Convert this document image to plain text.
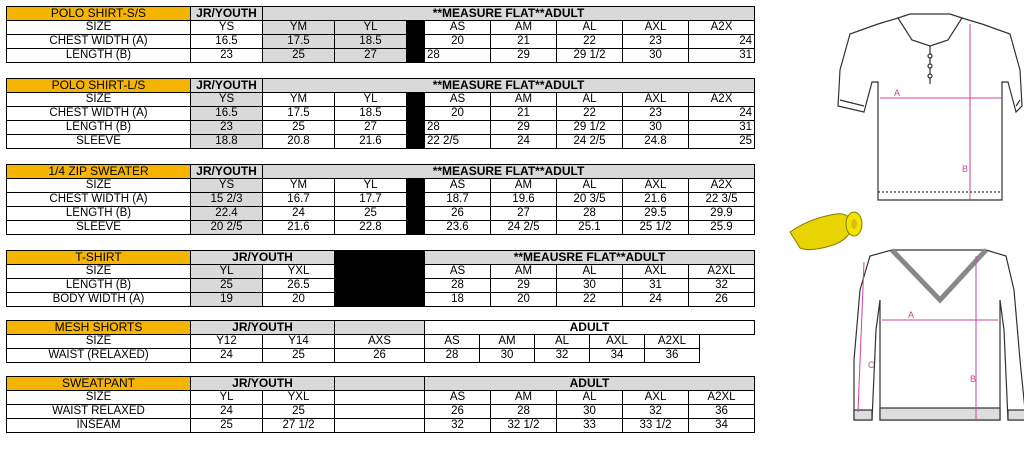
POLO SHIRT-S/S	JR/YOUTH	**MEASURE FLAT**ADULT							
SIZE	YS	YM	YL		AS	AM	AL	AXL	A2X
CHEST WIDTH (A)	16.5	17.5	18.5		20	21	22	23	24
LENGTH (B)	23	25	27		28	29	29 1/2	30	31
POLO SHIRT-L/S	JR/YOUTH	**MEASURE FLAT**ADULT							
SIZE	YS	YM	YL		AS	AM	AL	AXL	A2X
CHEST WIDTH (A)	16.5	17.5	18.5		20	21	22	23	24
LENGTH (B)	23	25	27		28	29	29 1/2	30	31
SLEEVE	18.8	20.8	21.6		22 2/5	24	24 2/5	24.8	25
1/4 ZIP SWEATER	JR/YOUTH	**MEASURE FLAT**ADULT							
SIZE	YS	YM	YL		AS	AM	AL	AXL	A2X
CHEST WIDTH (A)	15 2/3	16.7	17.7		18.7	19.6	20 3/5	21.6	22 3/5
LENGTH (B)	22.4	24	25		26	27	28	29.5	29.9
SLEEVE	20 2/5	21.6	22.8		23.6	24 2/5	25.1	25 1/2	25.9
T-SHIRT	JR/YOUTH			**MEAUSRE FLAT**ADULT				
SIZE	YL	YXL		AS	AM	AL	AXL	A2XL
LENGTH (B)	25	26.5		28	29	30	31	32
BODY WIDTH (A)	19	20		18	20	22	24	26
MESH SHORTS	JR/YOUTH			ADULT				
SIZE	Y12	Y14	AXS	AS	AM	AL	AXL	A2XL
WAIST (RELAXED)	24	25	26	28	30	32	34	36
SWEATPANT	JR/YOUTH			ADULT				
SIZE	YL	YXL		AS	AM	AL	AXL	A2XL
WAIST RELAXED	24	25		26	28	30	32	36
INSEAM	25	27 1/2		32	32 1/2	33	33 1/2	34
A
B
A
B
C
